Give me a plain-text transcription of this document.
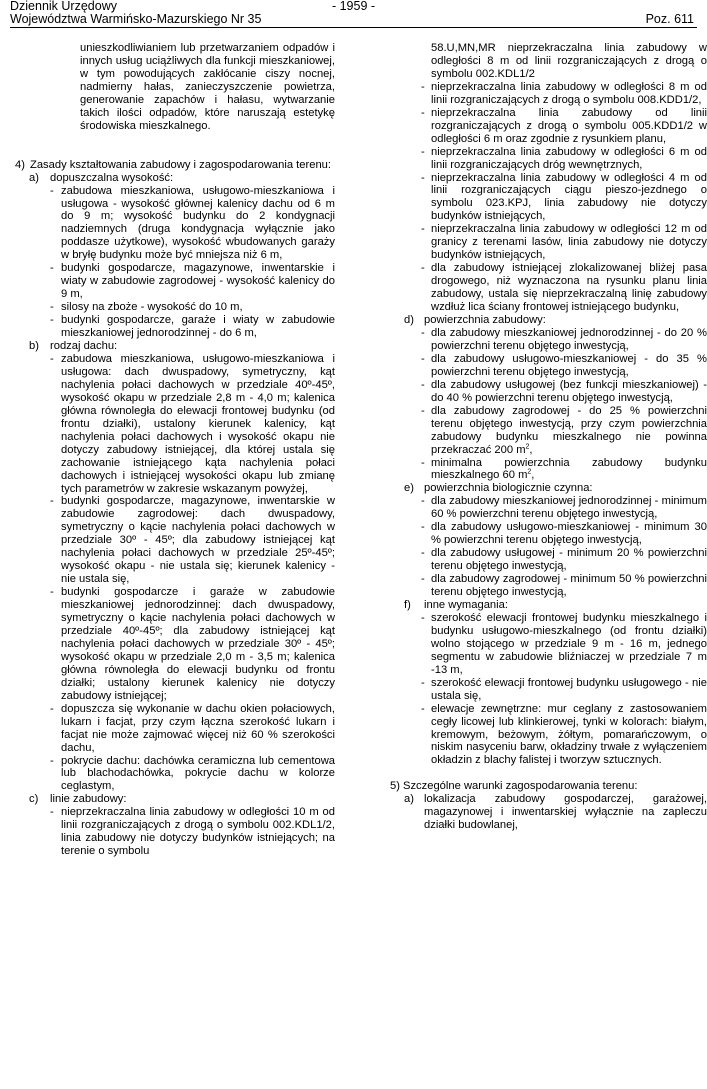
Dziennik Urzędowy
Województwa Warmińsko-Mazurskiego Nr 35
- 1959 -
Poz. 611

unieszkodliwianiem lub przetwarzaniem odpadów i innych usług uciążliwych dla funkcji mieszkaniowej, w tym powodujących zakłócanie ciszy nocnej, nadmierny hałas, zanieczyszczenie powietrza, generowanie zapachów i hałasu, wytwarzanie takich ilości odpadów, które naruszają estetykę środowiska mieszkalnego.

4) Zasady kształtowania zabudowy i zagospodarowania terenu:

a) dopuszczalna wysokość:

- zabudowa mieszkaniowa, usługowo-mieszkaniowa i usługowa - wysokość głównej kalenicy dachu od 6 m do 9 m; wysokość budynku do 2 kondygnacji nadziemnych (druga kondygnacja wyłącznie jako poddasze użytkowe), wysokość wbudowanych garaży w bryłę budynku może być mniejsza niż 6 m,

- budynki gospodarcze, magazynowe, inwentarskie i wiaty w zabudowie zagrodowej - wysokość kalenicy do 9 m,

- silosy na zboże - wysokość do 10 m,

- budynki gospodarcze, garaże i wiaty w zabudowie mieszkaniowej jednorodzinnej - do 6 m,

b) rodzaj dachu:

- zabudowa mieszkaniowa, usługowo-mieszkaniowa i usługowa: dach dwuspadowy, symetryczny, kąt nachylenia połaci dachowych w przedziale 40º-45º, wysokość okapu w przedziale 2,8 m - 4,0 m; kalenica główna równoległa do elewacji frontowej budynku (od frontu działki), ustalony kierunek kalenicy, kąt nachylenia połaci dachowych i wysokość okapu nie dotyczy zabudowy istniejącej, dla której ustala się zachowanie istniejącego kąta nachylenia połaci dachowych i istniejącej wysokości okapu lub zmianę tych parametrów w zakresie wskazanym powyżej,

- budynki gospodarcze, magazynowe, inwentarskie w zabudowie zagrodowej: dach dwuspadowy, symetryczny o kącie nachylenia połaci dachowych w przedziale 30º - 45º; dla zabudowy istniejącej kąt nachylenia połaci dachowych w przedziale 25º-45º; wysokość okapu - nie ustala się; kierunek kalenicy - nie ustala się,

- budynki gospodarcze i garaże w zabudowie mieszkaniowej jednorodzinnej: dach dwuspadowy, symetryczny o kącie nachylenia połaci dachowych w przedziale 40º-45º; dla zabudowy istniejącej kąt nachylenia połaci dachowych w przedziale 30º - 45º; wysokość okapu w przedziale 2,0 m - 3,5 m; kalenica główna równoległa do elewacji budynku od frontu działki; ustalony kierunek kalenicy nie dotyczy zabudowy istniejącej;

- dopuszcza się wykonanie w dachu okien połaciowych, lukarn i facjat, przy czym łączna szerokość lukarn i facjat nie może zajmować więcej niż 60 % szerokości dachu,

- pokrycie dachu: dachówka ceramiczna lub cementowa lub blachodachówka, pokrycie dachu w kolorze ceglastym,

c) linie zabudowy:

- nieprzekraczalna linia zabudowy w odległości 10 m od linii rozgraniczających z drogą o symbolu 002.KDL1/2, linia zabudowy nie dotyczy budynków istniejących; na terenie o symbolu

58.U,MN,MR nieprzekraczalna linia zabudowy w odległości 8 m od linii rozgraniczających z drogą o symbolu 002.KDL1/2

- nieprzekraczalna linia zabudowy w odległości 8 m od linii rozgraniczających z drogą o symbolu 008.KDD1/2,

- nieprzekraczalna linia zabudowy od linii rozgraniczających z drogą o symbolu 005.KDD1/2 w odległości 6 m oraz zgodnie z rysunkiem planu,

- nieprzekraczalna linia zabudowy w odległości 6 m od linii rozgraniczających dróg wewnętrznych,

- nieprzekraczalna linia zabudowy w odległości 4 m od linii rozgraniczających ciągu pieszo-jezdnego o symbolu 023.KPJ, linia zabudowy nie dotyczy budynków istniejących,

- nieprzekraczalna linia zabudowy w odległości 12 m od granicy z terenami lasów, linia zabudowy nie dotyczy budynków istniejących,

- dla zabudowy istniejącej zlokalizowanej bliżej pasa drogowego, niż wyznaczona na rysunku planu linia zabudowy, ustala się nieprzekraczalną linię zabudowy wzdłuż lica ściany frontowej istniejącego budynku,

d) powierzchnia zabudowy:

- dla zabudowy mieszkaniowej jednorodzinnej - do 20 % powierzchni terenu objętego inwestycją,

- dla zabudowy usługowo-mieszkaniowej - do 35 % powierzchni terenu objętego inwestycją,

- dla zabudowy usługowej (bez funkcji mieszkaniowej) - do 40 % powierzchni terenu objętego inwestycją,

- dla zabudowy zagrodowej - do 25 % powierzchni terenu objętego inwestycją, przy czym powierzchnia zabudowy budynku mieszkalnego nie powinna przekraczać 200 $m^2$,

- minimalna powierzchnia zabudowy budynku mieszkalnego 60 $m^2$,

e) powierzchnia biologicznie czynna:

- dla zabudowy mieszkaniowej jednorodzinnej - minimum 60 % powierzchni terenu objętego inwestycją,

- dla zabudowy usługowo-mieszkaniowej - minimum 30 % powierzchni terenu objętego inwestycją,

- dla zabudowy usługowej - minimum 20 % powierzchni terenu objętego inwestycją,

- dla zabudowy zagrodowej - minimum 50 % powierzchni terenu objętego inwestycją,

f) inne wymagania:

- szerokość elewacji frontowej budynku mieszkalnego i budynku usługowo-mieszkalnego (od frontu działki) wolno stojącego w przedziale 9 m - 16 m, jednego segmentu w zabudowie bliźniaczej w przedziale 7 m -13 m,

- szerokość elewacji frontowej budynku usługowego - nie ustala się,

- elewacje zewnętrzne: mur ceglany z zastosowaniem cegły licowej lub klinkierowej, tynki w kolorach: białym, kremowym, beżowym, żółtym, pomarańczowym, o niskim nasyceniu barw, okładziny trwałe z wyłączeniem okładzin z blachy falistej i tworzyw sztucznych.

5) Szczególne warunki zagospodarowania terenu:

a) lokalizacja zabudowy gospodarczej, garażowej, magazynowej i inwentarskiej wyłącznie na zapleczu działki budowlanej,
